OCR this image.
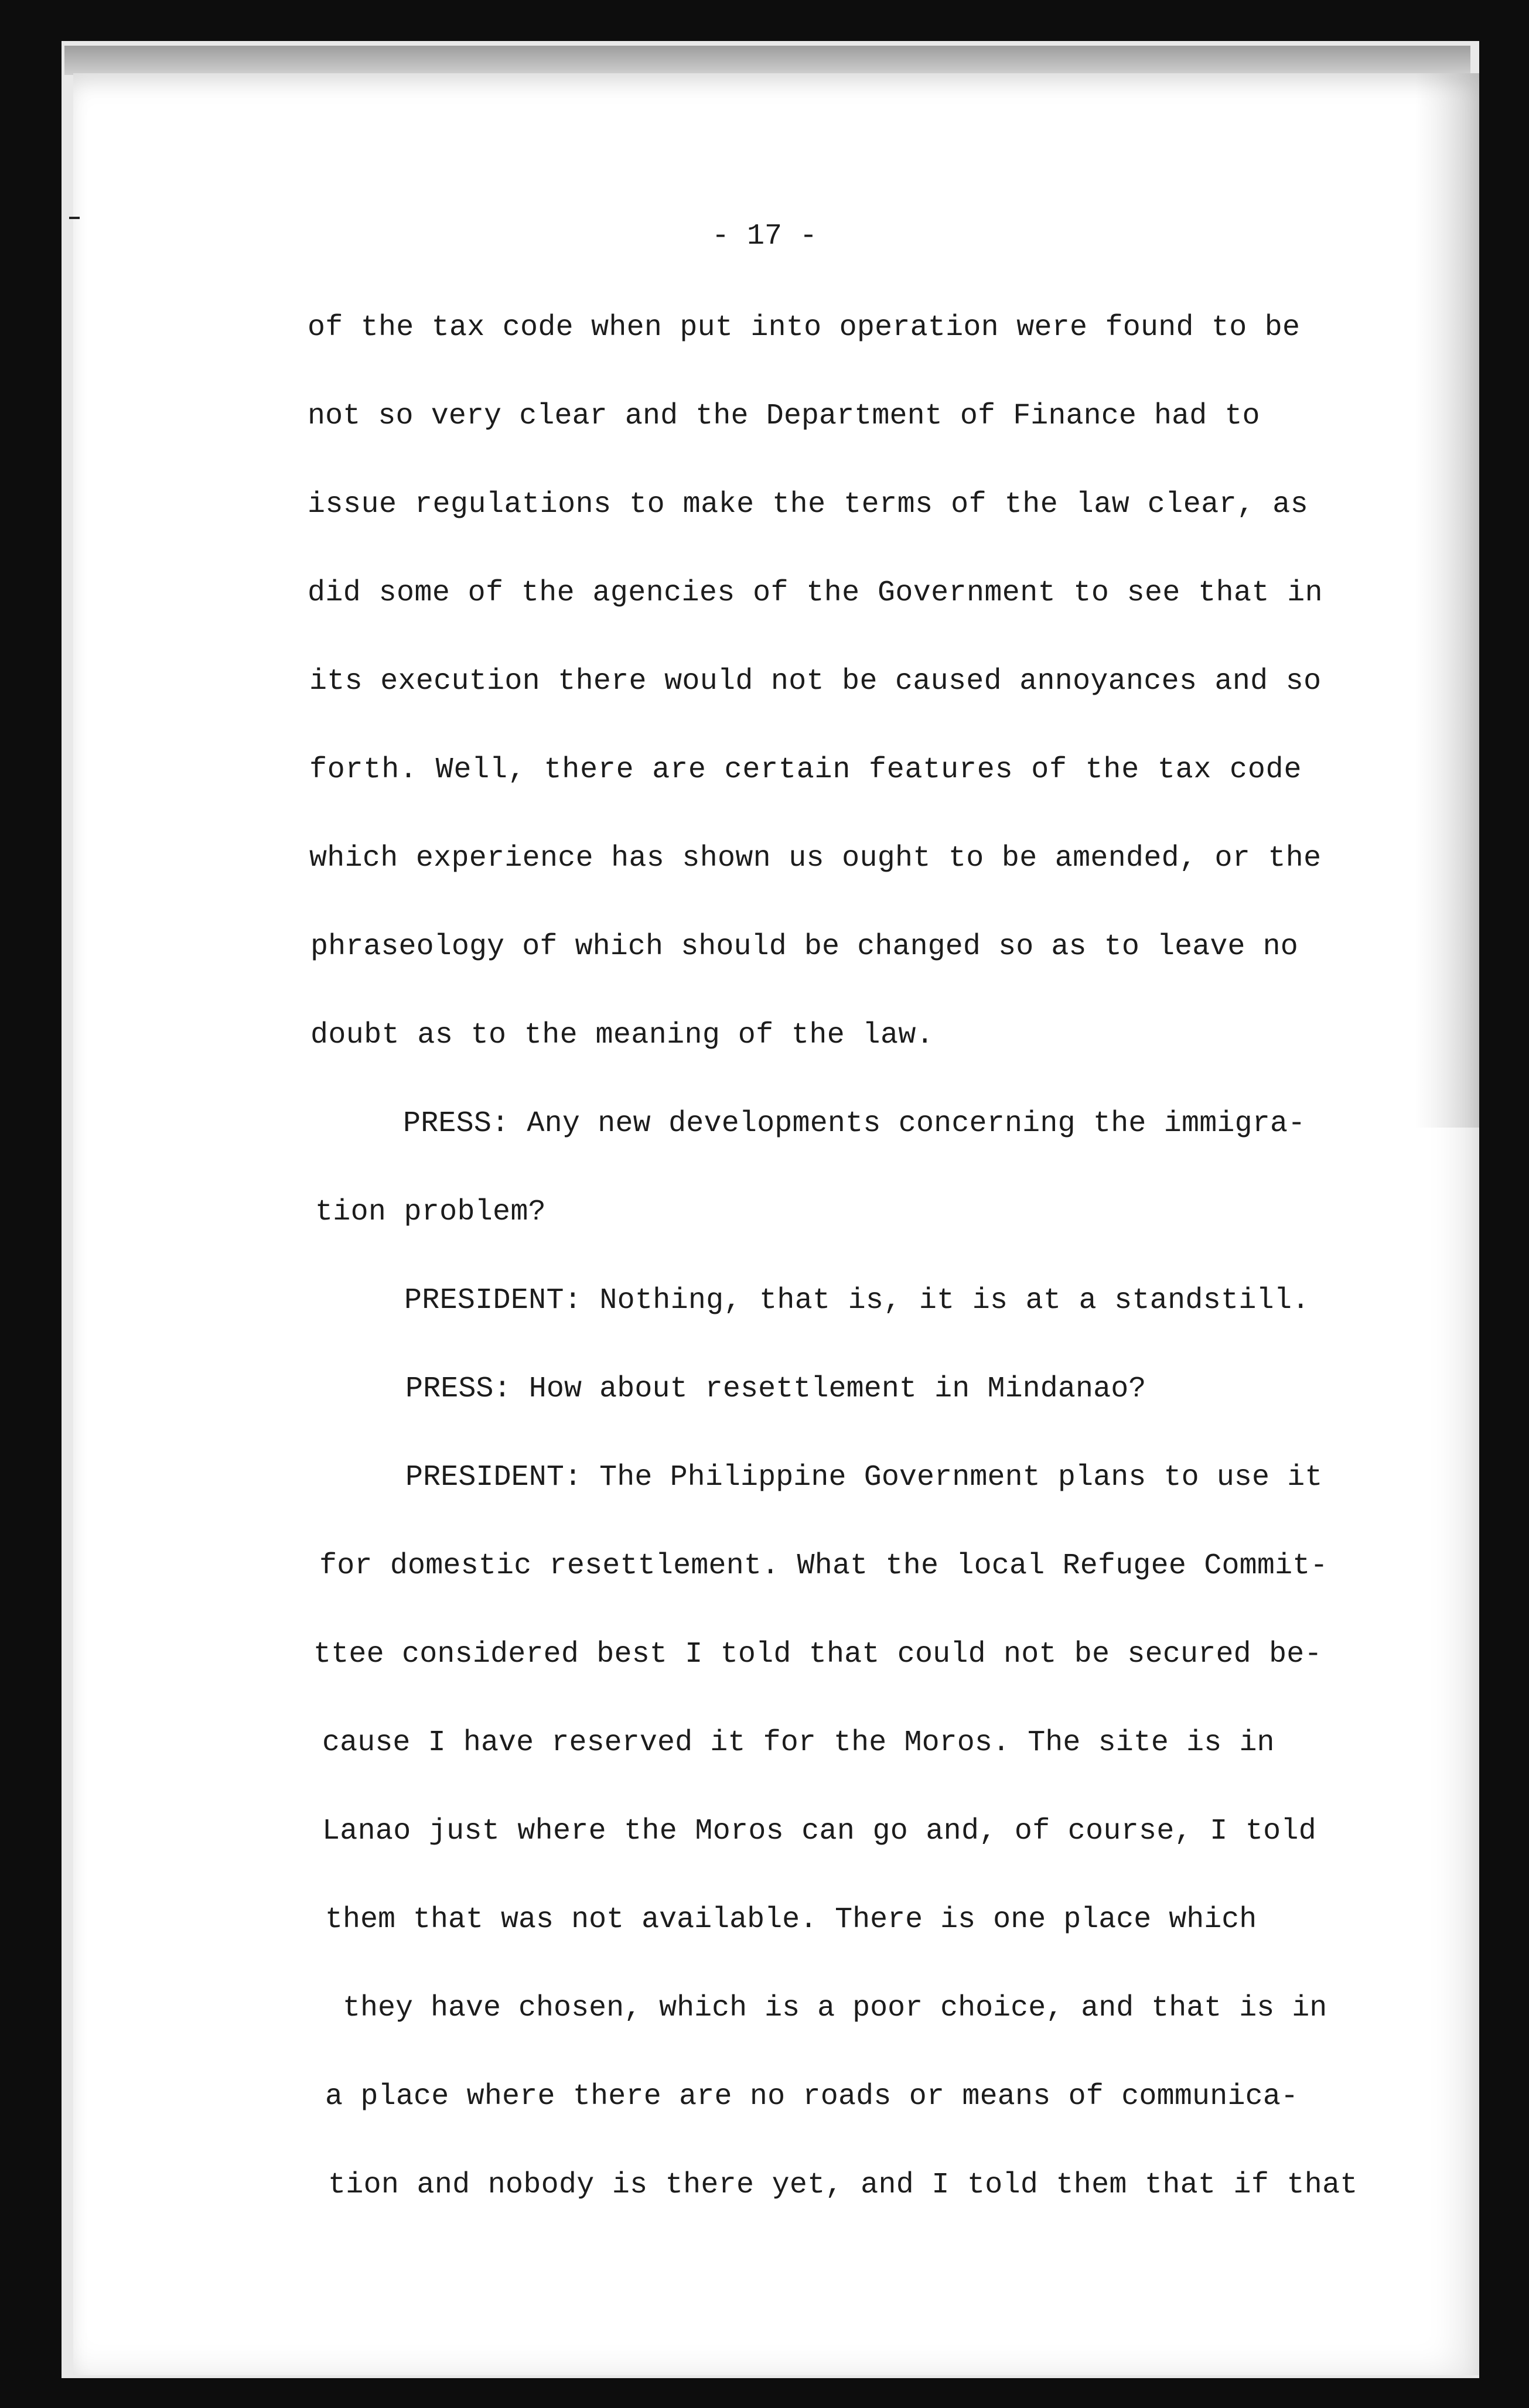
- 17 -

of the tax code when put into operation were found to be

not so very clear and the Department of Finance had to

issue regulations to make the terms of the law clear, as

did some of the agencies of the Government to see that in

its execution there would not be caused annoyances and so

forth. Well, there are certain features of the tax code

which experience has shown us ought to be amended, or the

phraseology of which should be changed so as to leave no

doubt as to the meaning of the law.

PRESS: Any new developments concerning the immigra-

tion problem?

PRESIDENT: Nothing, that is, it is at a standstill.

PRESS: How about resettlement in Mindanao?

PRESIDENT: The Philippine Government plans to use it

for domestic resettlement. What the local Refugee Commit-

ttee considered best I told that could not be secured be-

cause I have reserved it for the Moros. The site is in

Lanao just where the Moros can go and, of course, I told

them that was not available. There is one place which

they have chosen, which is a poor choice, and that is in

a place where there are no roads or means of communica-

tion and nobody is there yet, and I told them that if that
